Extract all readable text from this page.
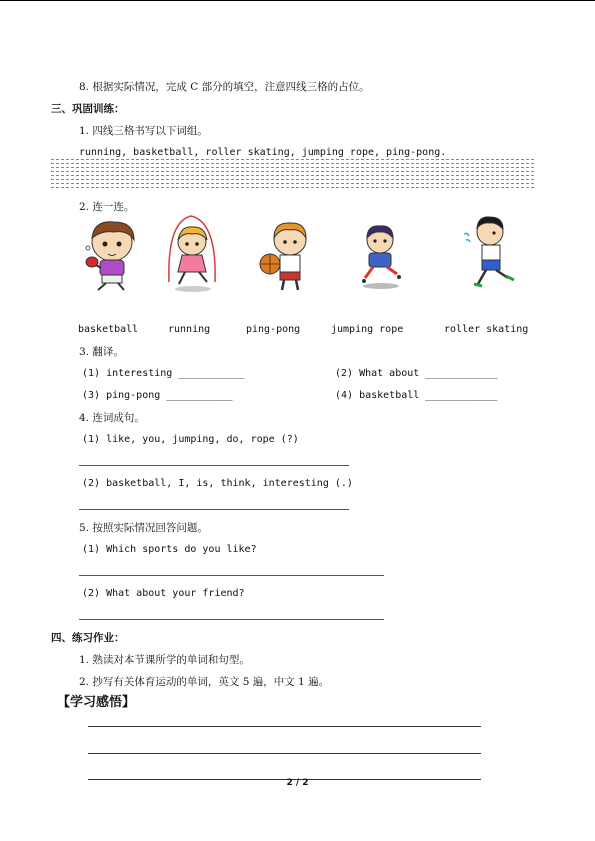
8. 根据实际情况，完成 C 部分的填空，注意四线三格的占位。
三、巩固训练：
1. 四线三格书写以下词组。
running, basketball, roller skating, jumping rope, ping-pong.
2. 连一连。
basketball	running	ping-pong	jumping rope	roller skating
3. 翻译。
(1) interesting ___________	(2) What about ____________
(3) ping-pong ___________	(4) basketball ____________
4. 连词成句。
(1) like, you, jumping, do, rope (?)
(2) basketball, I, is, think, interesting (.)
5. 按照实际情况回答问题。
(1) Which sports do you like?
(2) What about your friend?
四、练习作业：
1. 熟读对本节课所学的单词和句型。
2. 抄写有关体育运动的单词，英文 5 遍，中文 1 遍。
【学习感悟】
2 / 2
